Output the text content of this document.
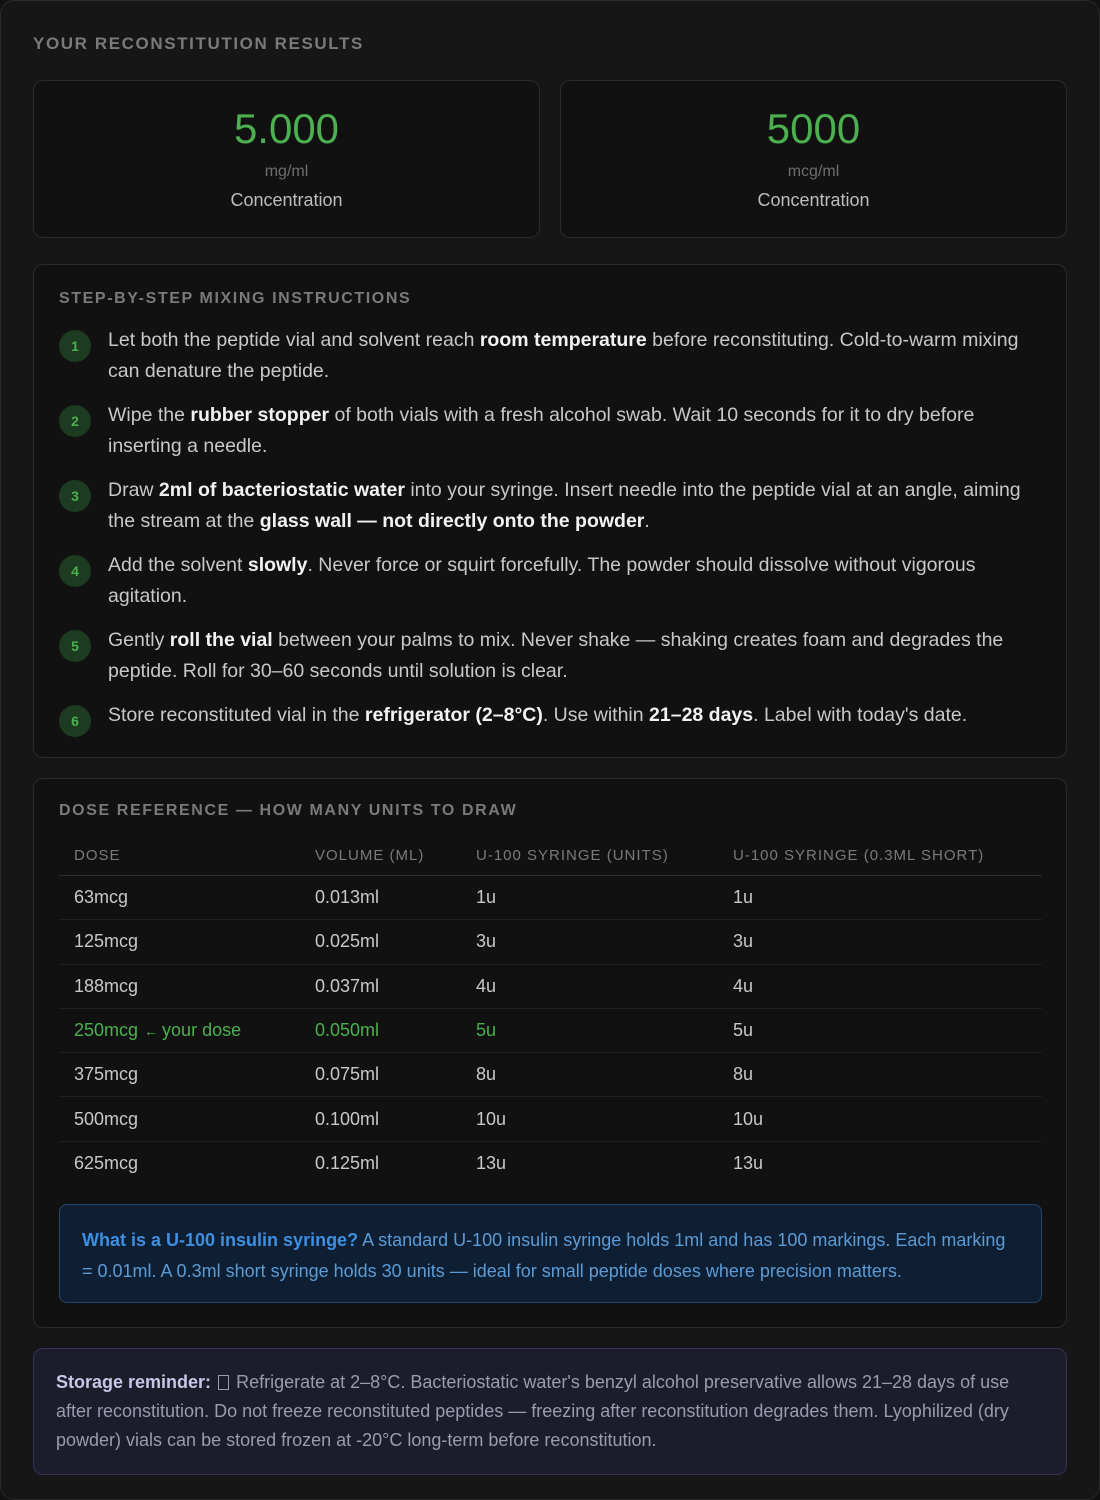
YOUR RECONSTITUTION RESULTS
5.000
mg/ml
Concentration
5000
mcg/ml
Concentration
STEP-BY-STEP MIXING INSTRUCTIONS
1	Let both the peptide vial and solvent reach room temperature before reconstituting. Cold-to-warm mixing can denature the peptide.
2	Wipe the rubber stopper of both vials with a fresh alcohol swab. Wait 10 seconds for it to dry before inserting a needle.
3	Draw 2ml of bacteriostatic water into your syringe. Insert needle into the peptide vial at an angle, aiming the stream at the glass wall — not directly onto the powder.
4	Add the solvent slowly. Never force or squirt forcefully. The powder should dissolve without vigorous agitation.
5	Gently roll the vial between your palms to mix. Never shake — shaking creates foam and degrades the peptide. Roll for 30–60 seconds until solution is clear.
6	Store reconstituted vial in the refrigerator (2–8°C). Use within 21–28 days. Label with today's date.
DOSE REFERENCE — HOW MANY UNITS TO DRAW
DOSE	VOLUME (ML)	U-100 SYRINGE (UNITS)	U-100 SYRINGE (0.3ML SHORT)
63mcg	0.013ml	1u	1u
125mcg	0.025ml	3u	3u
188mcg	0.037ml	4u	4u
250mcg ← your dose	0.050ml	5u	5u
375mcg	0.075ml	8u	8u
500mcg	0.100ml	10u	10u
625mcg	0.125ml	13u	13u
What is a U-100 insulin syringe? A standard U-100 insulin syringe holds 1ml and has 100 markings. Each marking = 0.01ml. A 0.3ml short syringe holds 30 units — ideal for small peptide doses where precision matters.
Storage reminder:  Refrigerate at 2–8°C. Bacteriostatic water's benzyl alcohol preservative allows 21–28 days of use after reconstitution. Do not freeze reconstituted peptides — freezing after reconstitution degrades them. Lyophilized (dry powder) vials can be stored frozen at -20°C long-term before reconstitution.
